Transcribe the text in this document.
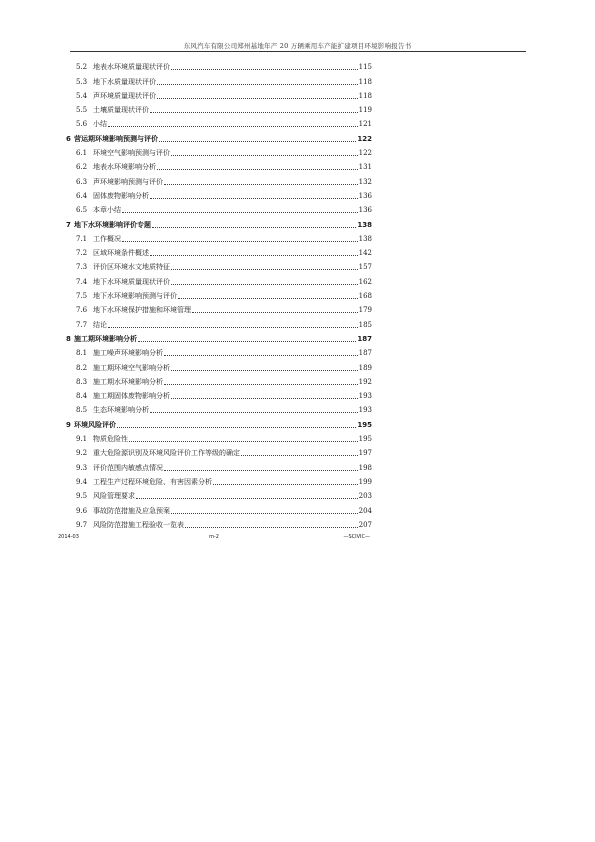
东风汽车有限公司郑州基地年产 20 万辆乘用车产能扩建项目环境影响报告书
5.2 地表水环境质量现状评价	115
5.3 地下水质量现状评价	118
5.4 声环境质量现状评价	118
5.5 土壤质量现状评价	119
5.6 小结	121
6 营运期环境影响预测与评价	122
6.1 环境空气影响预测与评价	122
6.2 地表水环境影响分析	131
6.3 声环境影响预测与评价	132
6.4 固体废物影响分析	136
6.5 本章小结	136
7 地下水环境影响评价专题	138
7.1 工作概况	138
7.2 区域环境条件概述	142
7.3 评价区环境水文地质特征	157
7.4 地下水环境质量现状评价	162
7.5 地下水环境影响预测与评价	168
7.6 地下水环境保护措施和环境管理	179
7.7 结论	185
8 施工期环境影响分析	187
8.1 施工噪声环境影响分析	187
8.2 施工期环境空气影响分析	189
8.3 施工期水环境影响分析	192
8.4 施工期固体废物影响分析	193
8.5 生态环境影响分析	193
9 环境风险评价	195
9.1 物质危险性	195
9.2 重大危险源识别及环境风险评价工作等级的确定	197
9.3 评价范围内敏感点情况	198
9.4 工程生产过程环境危险、有害因素分析	199
9.5 风险管理要求	203
9.6 事故防范措施及应急预案	204
9.7 风险防范措施工程验收一览表	207
2014-03	m-2	—SCIVIC—
